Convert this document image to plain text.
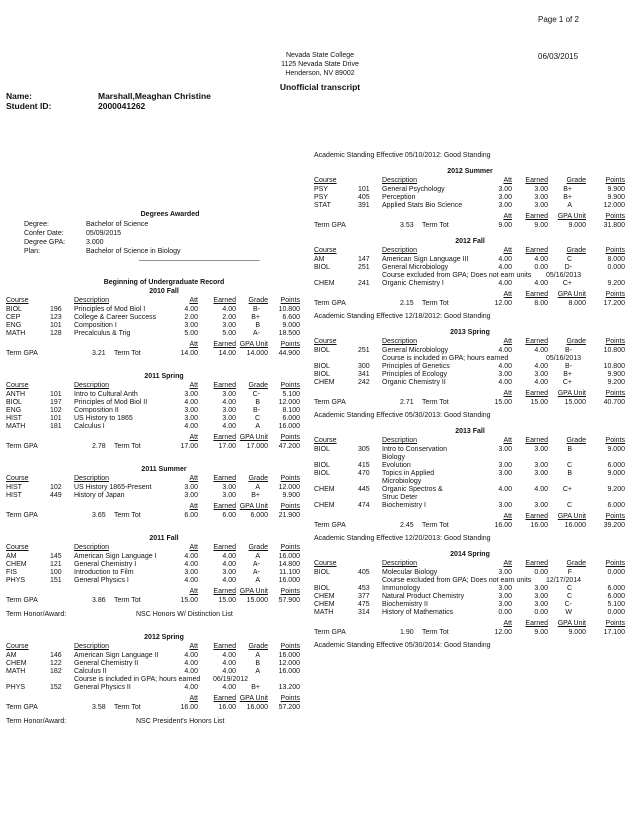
Page 1 of 2
06/03/2015
Nevada State College
1125 Nevada State Drive
Henderson, NV 89002
Unofficial transcript
Name:	Marshall,Meaghan Christine
Student ID:	2000041262
Degrees Awarded
Degree:	Bachelor of Science
Confer Date:	05/09/2015
Degree GPA:	3.000
Plan:	Bachelor of Science in Biology
_______________________________
Beginning of Undergraduate Record
2010 Fall
Course	Description	Att	Earned	Grade	Points
BIOL	196 Principles of Mod Biol I	4.00	4.00	B-	10.800
CEP	123 College & Career Success	2.00	2.00	B+	6.600
ENG	101 Composition I	3.00	3.00	B	9.000
MATH	128 Precalculus & Trig	5.00	5.00	A-	18.500
Att	Earned GPA Unit	Points
Term GPA	3.21 Term Tot	14.00	14.00	14.000	44.900
2011 Spring
Course	Description	Att	Earned	Grade	Points
ANTH	101 Intro to Cultural Anth	3.00	3.00	C-	5.100
BIOL	197 Principles of Mod Biol II	4.00	4.00	B	12.000
ENG	102 Composition II	3.00	3.00	B-	8.100
HIST	101 US History to 1865	3.00	3.00	C	6.000
MATH	181 Calculus I	4.00	4.00	A	16.000
Att	Earned GPA Unit	Points
Term GPA	2.78 Term Tot	17.00	17.00	17.000	47.200
2011 Summer
Course	Description	Att	Earned	Grade	Points
HIST	102 US History 1865-Present	3.00	3.00	A	12.000
HIST	449 History of Japan	3.00	3.00	B+	9.900
Att	Earned GPA Unit	Points
Term GPA	3.65 Term Tot	6.00	6.00	6.000	21.900
2011 Fall
Course	Description	Att	Earned	Grade	Points
AM	145 American Sign Language I	4.00	4.00	A	16.000
CHEM	121 General Chemistry I	4.00	4.00	A-	14.800
FIS	100 Introduction to Film	3.00	3.00	A-	11.100
PHYS	151 General Physics I	4.00	4.00	A	16.000
Att	Earned GPA Unit	Points
Term GPA	3.86 Term Tot	15.00	15.00	15.000	57.900
Term Honor/Award:	NSC Honors W/ Distinction List
2012 Spring
Course	Description	Att	Earned	Grade	Points
AM	146 American Sign Language II	4.00	4.00	A	16.000
CHEM	122 General Chemistry II	4.00	4.00	B	12.000
MATH	182 Calculus II	4.00	4.00	A	16.000
Course is included in GPA; hours earned 06/19/2012
PHYS	152 General Physics II	4.00	4.00	B+	13.200
Att	Earned GPA Unit	Points
Term GPA	3.58 Term Tot	16.00	16.00	16.000	57.200
Term Honor/Award:	NSC President's Honors List
Academic Standing Effective 05/10/2012: Good Standing
2012 Summer
Course	Description	Att	Earned	Grade	Points
PSY	101 General Psychology	3.00	3.00	B+	9.900
PSY	405 Perception	3.00	3.00	B+	9.900
STAT	391 Applied Stats Bio Science	3.00	3.00	A	12.000
Att	Earned	GPA Unit	Points
Term GPA	3.53 Term Tot	9.00	9.00	9.000	31.800
2012 Fall
Course	Description	Att	Earned	Grade	Points
AM	147 American Sign Language III	4.00	4.00	C	8.000
BIOL	251 General Microbiology	4.00	0.00	D-	0.000
Course excluded from GPA; Does not earn units 05/16/2013
CHEM	241 Organic Chemistry I	4.00	4.00	C+	9.200
Att	Earned	GPA Unit	Points
Term GPA	2.15 Term Tot	12.00	8.00	8.000	17.200
Academic Standing Effective 12/18/2012: Good Standing
2013 Spring
Course	Description	Att	Earned	Grade	Points
BIOL	251 General Microbiology	4.00	4.00	B-	10.800
Course is included in GPA; hours earned	05/16/2013
BIOL	300 Principles of Genetics	4.00	4.00	B-	10.800
BIOL	341 Principles of Ecology	3.00	3.00	B+	9.900
CHEM	242 Organic Chemistry II	4.00	4.00	C+	9.200
Att	Earned	GPA Unit	Points
Term GPA	2.71 Term Tot	15.00	15.00	15.000	40.700
Academic Standing Effective 05/30/2013: Good Standing
2013 Fall
Course	Description	Att	Earned	Grade	Points
BIOL	305 Intro to Conservation Biology
3.00	3.00	B	9.000
BIOL	415 Evolution	3.00	3.00	C	6.000
BIOL	470 Topics in Applied Microbiology
3.00	3.00	B	9.000
CHEM	445 Organic Spectros & Struc Deter
4.00	4.00	C+	9.200
CHEM	474 Biochemistry I	3.00	3.00	C	6.000
Att	Earned	GPA Unit	Points
Term GPA	2.45 Term Tot	16.00	16.00	16.000	39.200
Academic Standing Effective 12/20/2013: Good Standing
2014 Spring
Course	Description	Att	Earned	Grade	Points
BIOL	405 Molecular Biology	3.00	0.00	F	0.000
Course excluded from GPA; Does not earn units 12/17/2014
BIOL	453 Immunology	3.00	3.00	C	6.000
CHEM	377 Natural Product Chemistry	3.00	3.00	C	6.000
CHEM	475 Biochemistry II	3.00	3.00	C-	5.100
MATH	314 History of Mathematics	0.00	0.00	W	0.000
Att	Earned	GPA Unit	Points
Term GPA	1.90 Term Tot	12.00	9.00	9.000	17.100
Academic Standing Effective 05/30/2014: Good Standing
